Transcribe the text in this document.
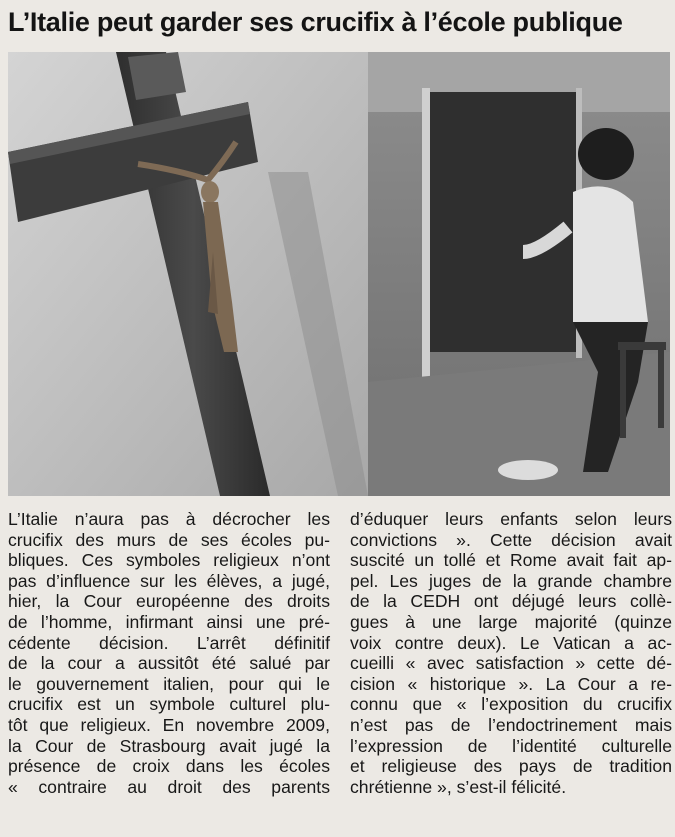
L’Italie peut garder ses crucifix à l’école publique
L’Italie n’aura pas à décrocher les
crucifix des murs de ses écoles pu-
bliques. Ces symboles religieux n’ont
pas d’influence sur les élèves, a jugé,
hier, la Cour européenne des droits
de l’homme, infirmant ainsi une pré-
cédente décision. L’arrêt définitif
de la cour a aussitôt été salué par
le gouvernement italien, pour qui le
crucifix est un symbole culturel plu-
tôt que religieux. En novembre 2009,
la Cour de Strasbourg avait jugé la
présence de croix dans les écoles
« contraire au droit des parents
d’éduquer leurs enfants selon leurs
convictions ». Cette décision avait
suscité un tollé et Rome avait fait ap-
pel. Les juges de la grande chambre
de la CEDH ont déjugé leurs collè-
gues à une large majorité (quinze
voix contre deux). Le Vatican a ac-
cueilli « avec satisfaction » cette dé-
cision « historique ». La Cour a re-
connu que « l’exposition du crucifix
n’est pas de l’endoctrinement mais
l’expression de l’identité culturelle
et religieuse des pays de tradition
chrétienne », s’est-il félicité.
